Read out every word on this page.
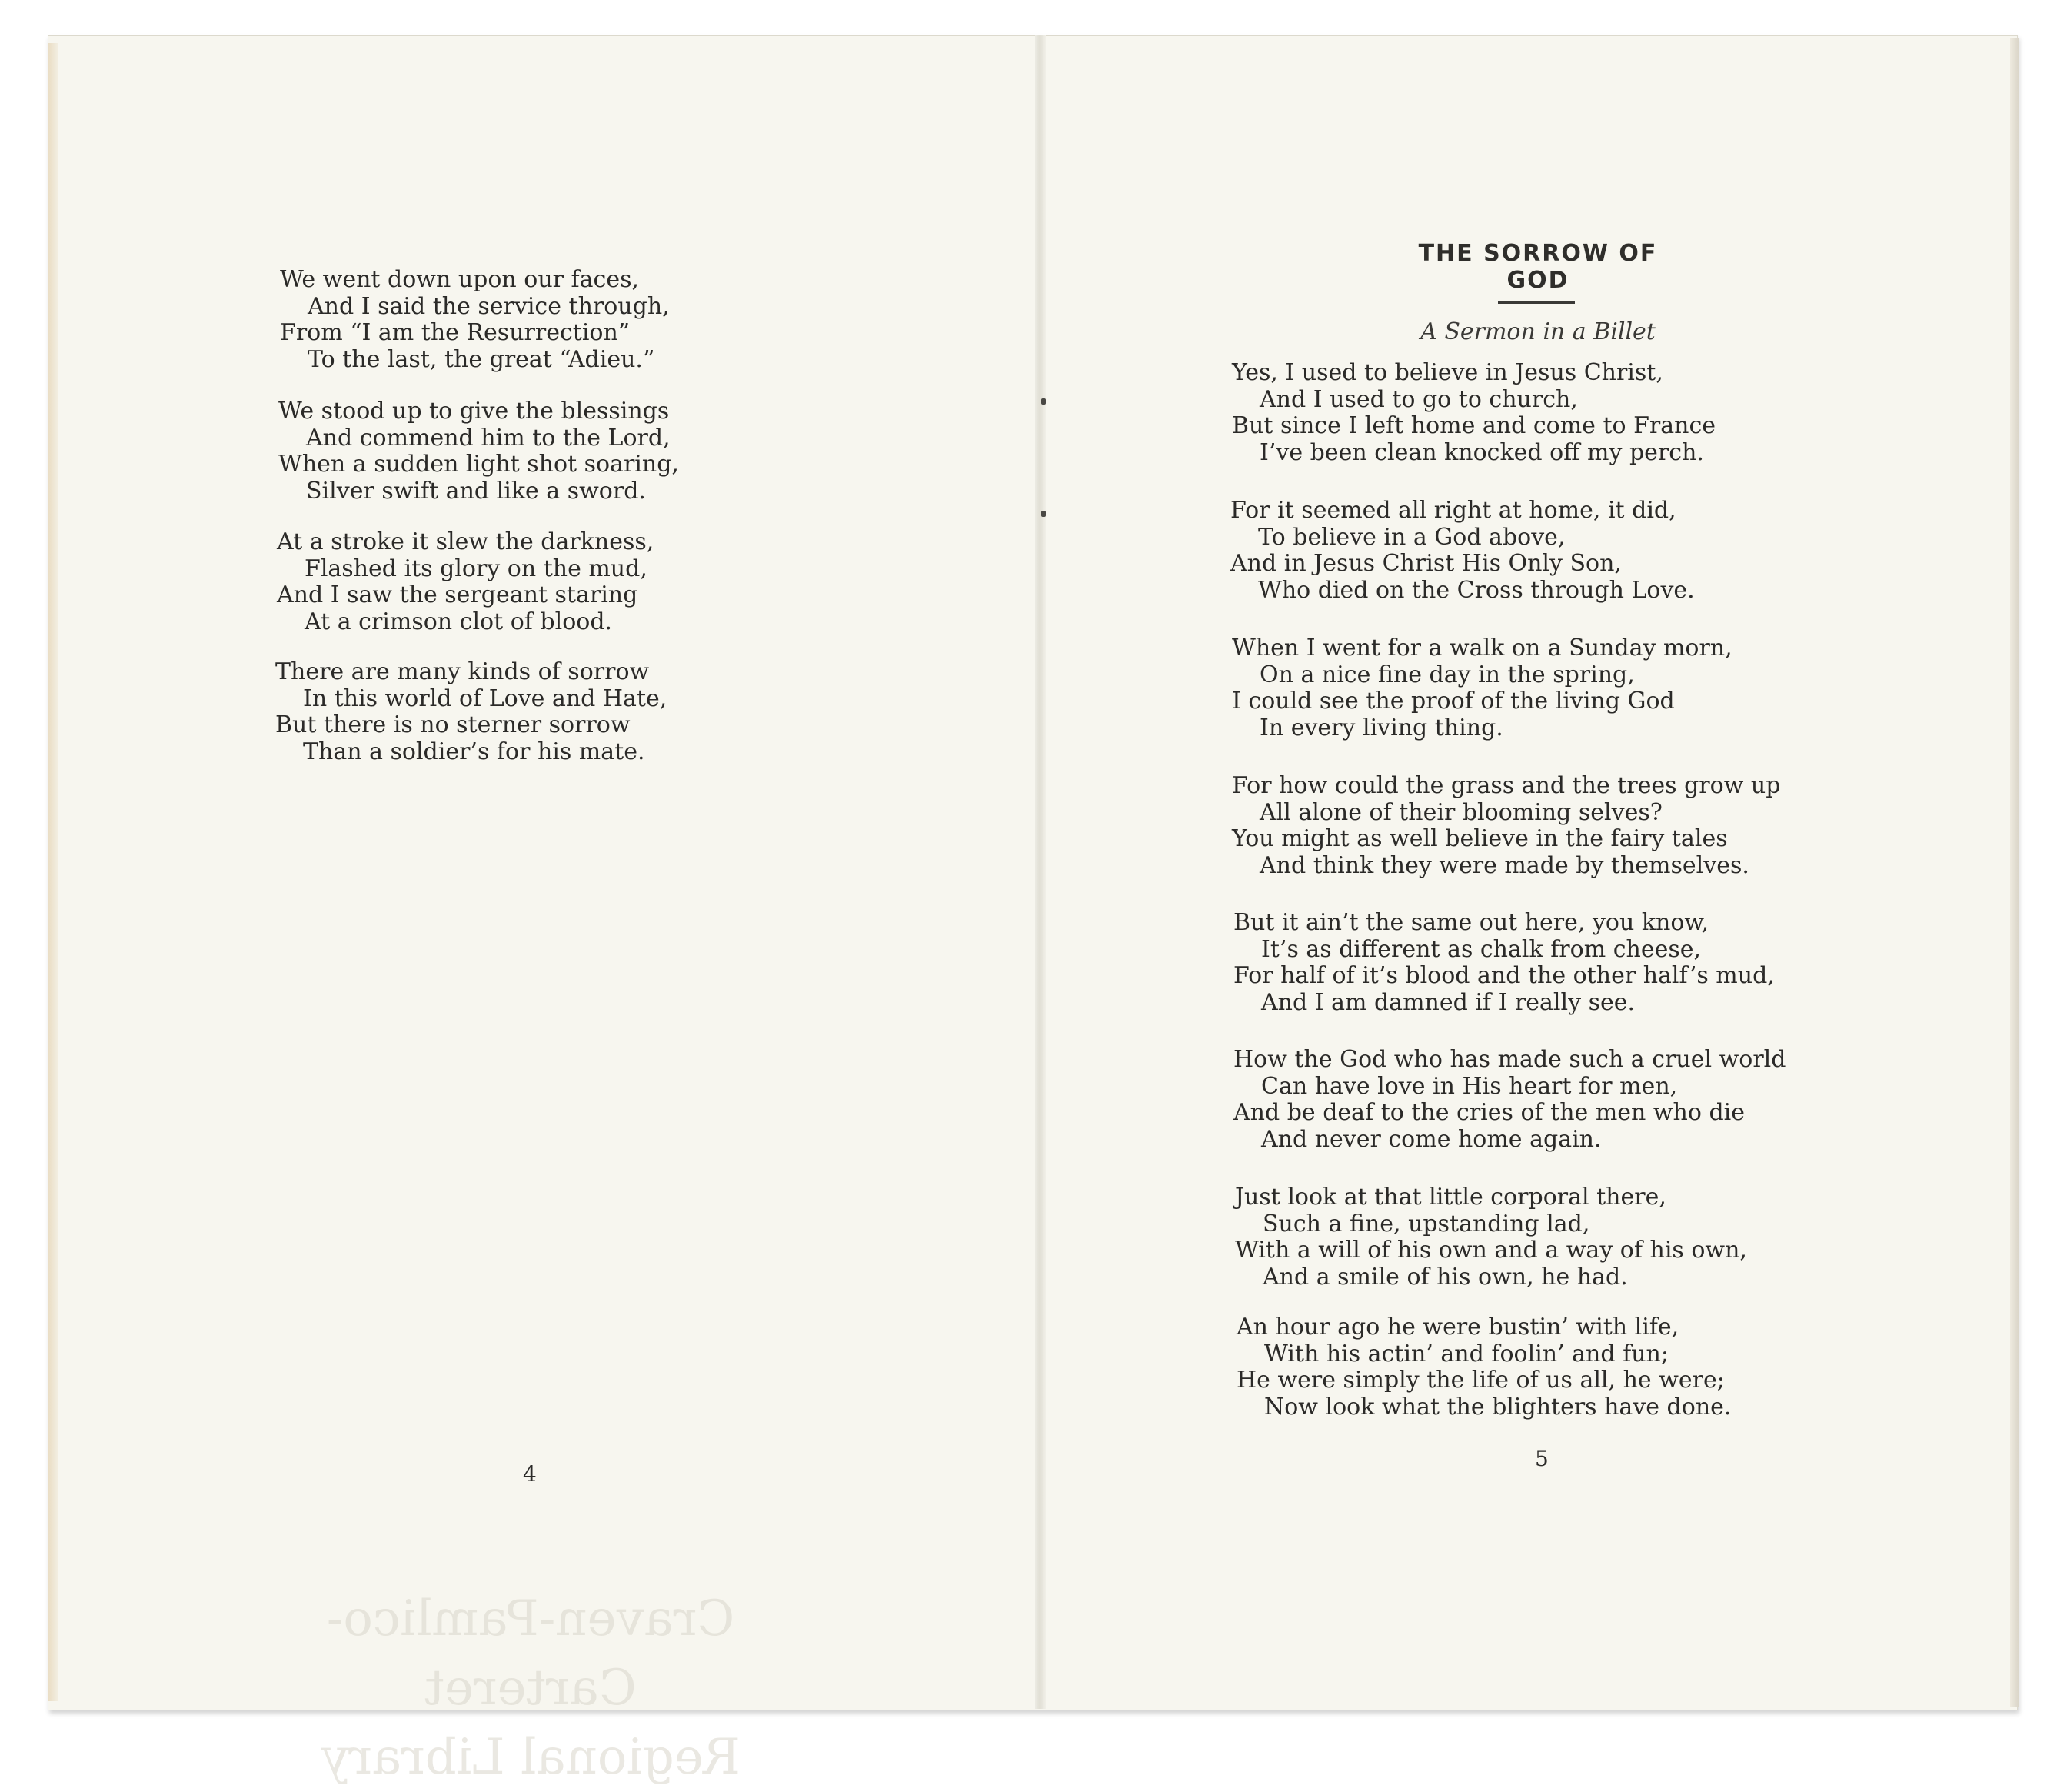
We went down upon our faces,
And I said the service through,
From “I am the Resurrection”
To the last, the great “Adieu.”
We stood up to give the blessings
And commend him to the Lord,
When a sudden light shot soaring,
Silver swift and like a sword.
At a stroke it slew the darkness,
Flashed its glory on the mud,
And I saw the sergeant staring
At a crimson clot of blood.
There are many kinds of sorrow
In this world of Love and Hate,
But there is no sterner sorrow
Than a soldier’s for his mate.
4
Craven-Pamlico-Carteret
Regional Library
THE SORROW OF GOD
A Sermon in a Billet
Yes, I used to believe in Jesus Christ,
And I used to go to church,
But since I left home and come to France
I’ve been clean knocked off my perch.
For it seemed all right at home, it did,
To believe in a God above,
And in Jesus Christ His Only Son,
Who died on the Cross through Love.
When I went for a walk on a Sunday morn,
On a nice fine day in the spring,
I could see the proof of the living God
In every living thing.
For how could the grass and the trees grow up
All alone of their blooming selves?
You might as well believe in the fairy tales
And think they were made by themselves.
But it ain’t the same out here, you know,
It’s as different as chalk from cheese,
For half of it’s blood and the other half’s mud,
And I am damned if I really see.
How the God who has made such a cruel world
Can have love in His heart for men,
And be deaf to the cries of the men who die
And never come home again.
Just look at that little corporal there,
Such a fine, upstanding lad,
With a will of his own and a way of his own,
And a smile of his own, he had.
An hour ago he were bustin’ with life,
With his actin’ and foolin’ and fun;
He were simply the life of us all, he were;
Now look what the blighters have done.
5
